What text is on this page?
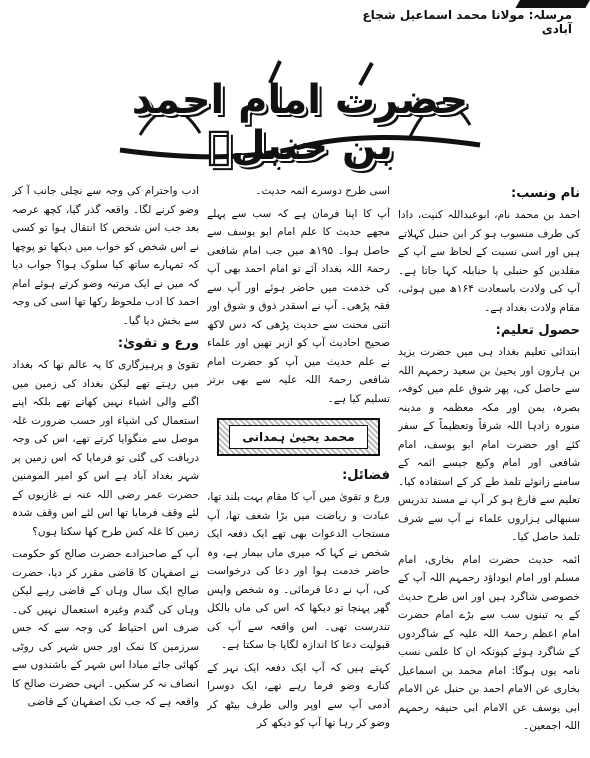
مرسلہ: مولانا محمد اسماعیل شجاع آبادی
حضرت امام احمد بن حنبلؒ
نام ونسب:

احمد بن محمد نام، ابوعبداللہ کنیت، دادا کی طرف منسوب ہو کر ابن حنبل کہلاتے ہیں اور اسی نسبت کے لحاظ سے آپ کے مقلدین کو حنبلی یا حنابلہ کہا جاتا ہے۔ آپ کی ولادت باسعادت ۱۶۴ھ میں ہوئی، مقام ولادت بغداد ہے۔

حصول تعلیم:

ابتدائی تعلیم بغداد ہی میں حضرت یزید بن ہارون اور یحییٰ بن سعید رحمہم اللہ سے حاصل کی، پھر شوق علم میں کوفہ، بصرہ، یمن اور مکہ معظمہ و مدینہ منورہ زادہا اللہ شرفاً وتعظیماً کے سفر کئے اور حضرت امام ابو یوسف، امام شافعی اور امام وکیع جیسے ائمہ کے سامنے زانوئے تلمذ طے کر کے استفادہ کیا۔ تعلیم سے فارغ ہو کر آپ نے مسند تدریس سنبھالی ہزاروں علماء نے آپ سے شرف تلمذ حاصل کیا۔

ائمہ حدیث حضرت امام بخاری، امام مسلم اور امام ابوداؤد رحمہم اللہ آپ کے خصوصی شاگرد ہیں اور اس طرح حدیث کے یہ تینوں سب سے بڑے امام حضرت امام اعظم رحمۃ اللہ علیہ کے شاگردوں کے شاگرد ہوئے کیونکہ ان کا علمی نسب نامہ یوں ہوگا: امام محمد بن اسماعیل بخاری عن الامام احمد بن حنبل عن الامام ابی یوسف عن الامام ابی حنیفہ رحمہم اللہ اجمعین۔

اسی طرح دوسرے ائمہ حدیث۔

آپ کا اپنا فرمان ہے کہ سب سے پہلے مجھے حدیث کا علم امام ابو یوسف سے حاصل ہوا۔ ۱۹۵ھ میں جب امام شافعی رحمۃ اللہ بغداد آئے تو امام احمد بھی آپ کی خدمت میں حاضر ہوئے اور آپ سے فقہ پڑھی۔ آپ نے اسقدر ذوق و شوق اور اتنی محنت سے حدیث پڑھی کہ دس لاکھ صحیح احادیث آپ کو ازبر تھیں اور علماء نے علم حدیث میں آپ کو حضرت امام شافعی رحمۃ اللہ علیہ سے بھی برتر تسلیم کیا ہے۔

محمد یحییٰ ہمدانی
فضائل:

ورع و تقویٰ میں آپ کا مقام بہت بلند تھا، عبادت و ریاضت میں بڑا شغف تھا، آپ مستجاب الدعوات بھی تھے ایک دفعہ ایک شخص نے کہا کہ میری ماں بیمار ہے، وہ حاضر خدمت ہوا اور دعا کی درخواست کی، آپ نے دعا فرمائی۔ وہ شخص واپس گھر پہنچا تو دیکھا کہ اس کی ماں بالکل تندرست تھی۔ اس واقعہ سے آپ کی قبولیت دعا کا اندازہ لگایا جا سکتا ہے۔

کہتے ہیں کہ آپ ایک دفعہ ایک نہر کے کنارے وضو فرما رہے تھے، ایک دوسرا آدمی آپ سے اوپر والی طرف بیٹھ کر وضو کر رہا تھا آپ کو دیکھ کر

ادب واحترام کی وجہ سے نچلی جانب آ کر وضو کرنے لگا۔ واقعہ گذر گیا، کچھ عرصہ بعد جب اس شخص کا انتقال ہوا تو کسی نے اس شخص کو خواب میں دیکھا تو پوچھا کہ تمہارے ساتھ کیا سلوک ہوا؟ جواب دیا کہ میں نے ایک مرتبہ وضو کرتے ہوئے امام احمد کا ادب ملحوظ رکھا تھا اسی کی وجہ سے بخش دیا گیا۔

ورع و تقویٰ:

تقویٰ و پرہیزگاری کا یہ عالم تھا کہ بغداد میں رہتے تھے لیکن بغداد کی زمین میں اگنے والی اشیاء نہیں کھاتے تھے بلکہ اپنے استعمال کی اشیاء اور حسب ضرورت غلہ موصل سے منگوایا کرتے تھے، اس کی وجہ دریافت کی گئی تو فرمایا کہ اس زمین پر شہر بغداد آباد ہے اس کو امیر المومنین حضرت عمر رضی اللہ عنہ نے غازیوں کے لئے وقف فرمایا تھا اس لئے اس وقف شدہ زمین کا غلہ کس طرح کھا سکتا ہوں؟

آپ کے صاحبزادے حضرت صالح کو حکومت نے اصفہان کا قاضی مقرر کر دیا، حضرت صالح ایک سال وہاں کے قاضی رہے لیکن وہاں کی گندم وغیرہ استعمال نہیں کی۔ صرف اس احتیاط کی وجہ سے کہ جس سرزمین کا نمک اور جس شہر کی روٹی کھائی جائے مبادا اس شہر کے باشندوں سے انصاف نہ کر سکیں۔ انہی حضرت صالح کا واقعہ ہے کہ جب تک اصفہان کے قاضی
